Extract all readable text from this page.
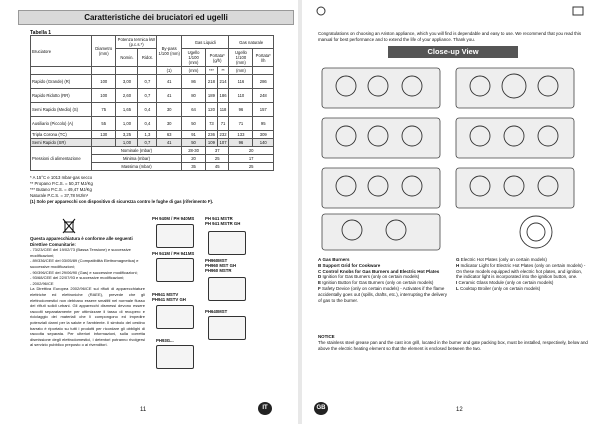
Caratteristiche dei bruciatori ed ugelli
Tabella 1
Bruciatore	Diametro (mm)	Potenza termica kW (p.c.s.*)		By-pass 1/100 (mm)	Gas Liquidi			Gas naturale	
		Nomin.	Ridot.		Ugello 1/100 (mm)	Portata* (g/h)		Ugello 1/100 (mm)	Portata* l/h
				(1)	(mm)	***	**	(mm)	
Rapido (Grande) (R)	100	3,00	0,7	41	86	218	214	116	286
Rapido Ridotto (RR)	100	2,60	0,7	41	80	189	186	110	248
Semi Rapido (Medio) (S)	75	1,65	0,4	30	64	120	118	96	157
Ausiliario (Piccolo) (A)	55	1,00	0,4	30	50	73	71	71	95
Tripla Corona (TC)	130	3,25	1,3	63	91	236	232	133	309
Semi Rapido (SR)		1,00	0,7	41	50	109	107	96	140
Pressioni di alimentazione	Nominale (mbar)				28-30	37		20	
	Minima (mbar)				20	25		17	
	Massima (mbar)				35	45		25	
* A 15°C e 1013 mbar-gas secco
** Propano P.C.S. = 50,37 MJ/Kg
*** Butano P.C.S. = 49,47 MJ/Kg
Naturale P.C.S. = 37,78 MJ/m³
(1) Solo per apparecchi con dispositivo di sicurezza contro le fughe di gas (riferimento F).
Questa apparecchiatura è conforme alle seguenti Direttive Comunitarie:
- 73/23/CEE del 19/02/73 (Bassa Tensione) e successive modificazioni;
- 89/336/CEE del 03/05/89 (Compatibilità Elettromagnetica) e successive modificazioni;
- 90/396/CEE del 29/06/90 (Gas) e successive modificazioni;
- 93/68/CEE del 22/07/93 e successive modificazioni;
- 2002/96/CE
La Direttiva Europea 2002/96/CE sui rifiuti di apparecchiature elettriche ed elettroniche (RAEE), prevede che gli elettrodomestici non debbano essere smaltiti nel normale flusso dei rifiuti solidi urbani. Gli apparecchi dismessi devono essere raccolti separatamente per ottimizzare il tasso di recupero e riciclaggio dei materiali che li compongono ed impedire potenziali danni per la salute e l'ambiente. Il simbolo del cestino barrato è riportato su tutti i prodotti per ricordare gli obblighi di raccolta separata. Per ulteriori informazioni, sulla corretta dismissione degli elettrodomestici, i detentori potranno rivolgersi al servizio pubblico preposto o ai rivenditori.
PH 940M / PH 940MS PH 941 MSTR
PH 941 MSTR GH
PH 941M / PH 941MS
PH960MST
PH960 MST GH
PH960 MSTR
PH941 MSTV
PH941 MSTV GH
PH640MST
PH93G...
11	IT
Congratulations on choosing an Ariston appliance, which you will find is dependable and easy to use. We recommend that you read this manual for best performance and to extend the life of your appliance. Thank you.
Close-up View
A Gas Burners
B Support Grid for Cookware
C Control Knobs for Gas Burners and Electric Hot Plates
D Ignition for Gas Burners (only on certain models)
E Ignition Button for Gas Burners (only on certain models)
F Safety Device (only on certain models) - Activates if the flame accidentally goes out (spills, drafts, etc.), interrupting the delivery of gas to the burner.
G Electric Hot Plates (only on certain models)
H Indicator Light for Electric Hot Plates (only on certain models) - On these models equipped with electric hot plates, and ignition, the indicator light is incorporated into the ignition button, one.
I Ceramic Glass Module (only on certain models)
L Cooktop Broiler (only on certain models)
NOTICE
The stainless steel grease pan and the cast iron grill, located in the burner and gate packing box, must be installed, respectively, below and above the electric heating element so that the element is enclosed between the two.
GB	12
